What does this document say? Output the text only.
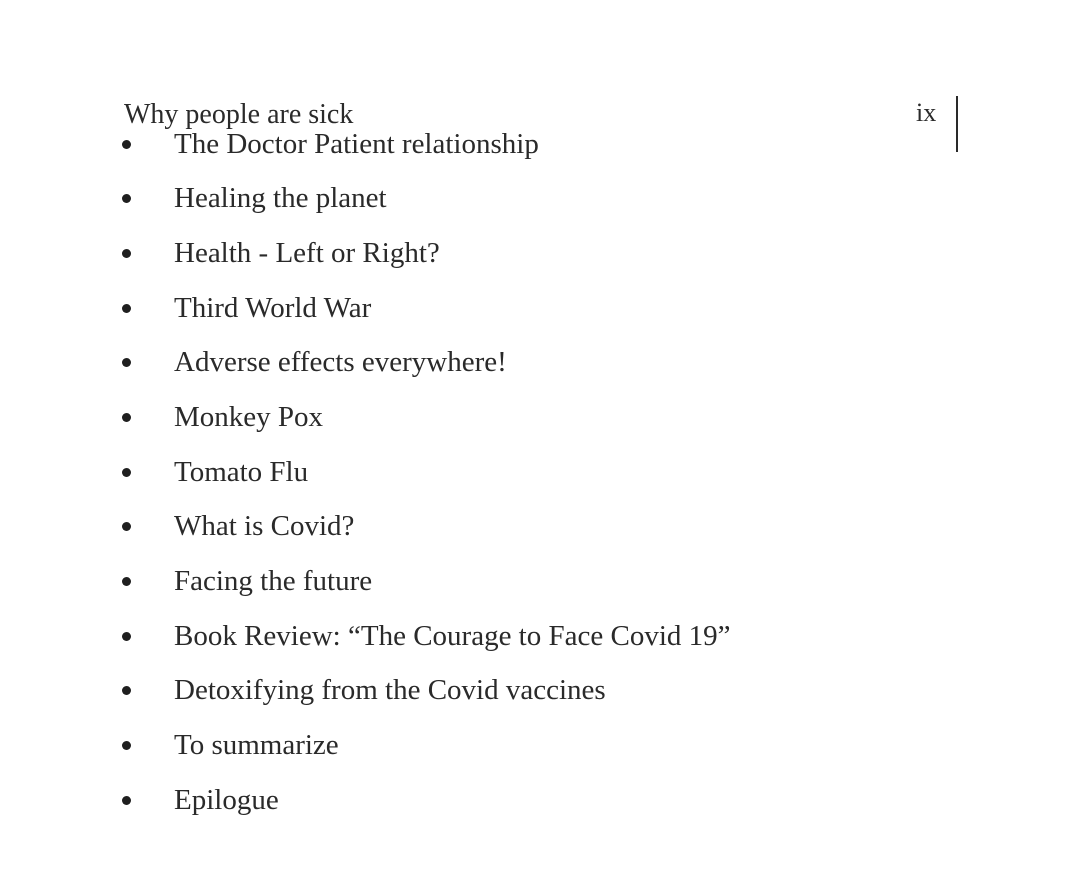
Why people are sick	ix
The Doctor Patient relationship
Healing the planet
Health - Left or Right?
Third World War
Adverse effects everywhere!
Monkey Pox
Tomato Flu
What is Covid?
Facing the future
Book Review: “The Courage to Face Covid 19”
Detoxifying from the Covid vaccines
To summarize
Epilogue
